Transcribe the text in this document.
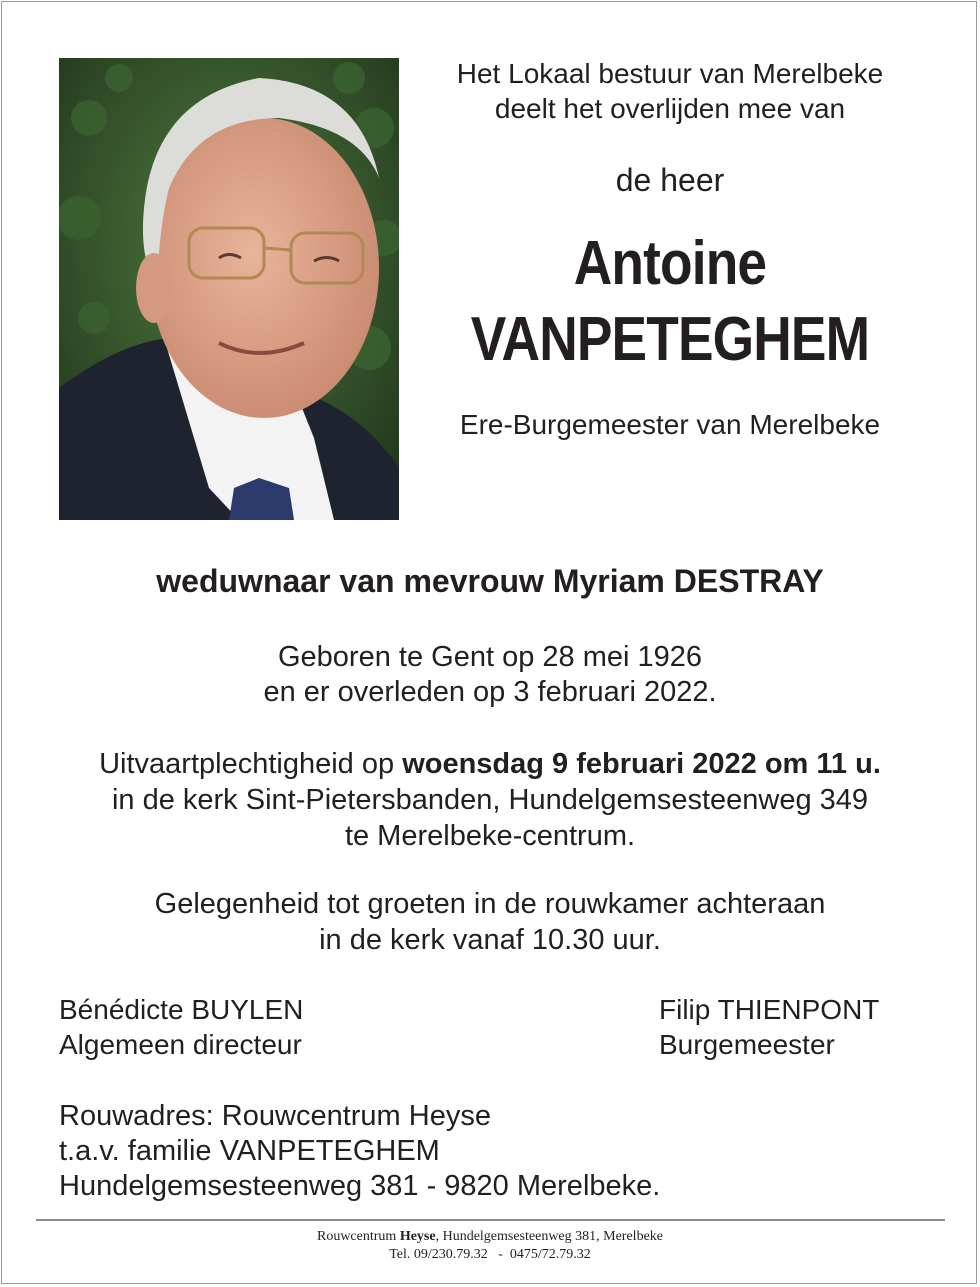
Het Lokaal bestuur van Merelbeke
deelt het overlijden mee van
de heer
Antoine
VANPETEGHEM
Ere-Burgemeester van Merelbeke
weduwnaar van mevrouw Myriam DESTRAY
Geboren te Gent op 28 mei 1926
en er overleden op 3 februari 2022.
Uitvaartplechtigheid op woensdag 9 februari 2022 om 11 u.
in de kerk Sint-Pietersbanden, Hundelgemsesteenweg 349
te Merelbeke-centrum.
Gelegenheid tot groeten in de rouwkamer achteraan
in de kerk vanaf 10.30 uur.
Bénédicte BUYLEN
Algemeen directeur
Filip THIENPONT
Burgemeester
Rouwadres: Rouwcentrum Heyse
t.a.v. familie VANPETEGHEM
Hundelgemsesteenweg 381 - 9820 Merelbeke.
Rouwcentrum Heyse, Hundelgemsesteenweg 381, Merelbeke
Tel. 09/230.79.32   -  0475/72.79.32
